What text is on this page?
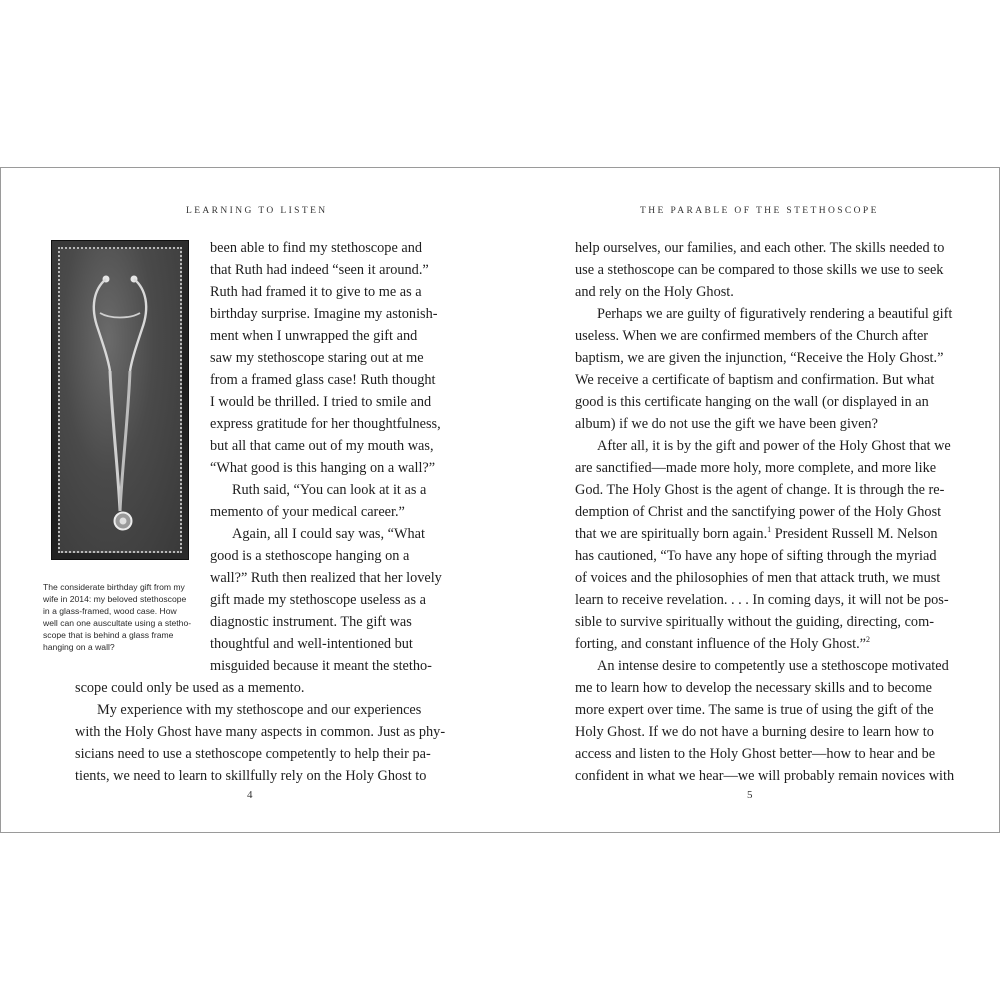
LEARNING TO LISTEN
The considerate birthday gift from my
wife in 2014: my beloved stethoscope
in a glass-framed, wood case. How
well can one auscultate using a stetho-
scope that is behind a glass frame
hanging on a wall?
been able to find my stethoscope and
that Ruth had indeed “seen it around.”
Ruth had framed it to give to me as a
birthday surprise. Imagine my astonish-
ment when I unwrapped the gift and
saw my stethoscope staring out at me
from a framed glass case! Ruth thought
I would be thrilled. I tried to smile and
express gratitude for her thoughtfulness,
but all that came out of my mouth was,
“What good is this hanging on a wall?”
Ruth said, “You can look at it as a
memento of your medical career.”
Again, all I could say was, “What
good is a stethoscope hanging on a
wall?” Ruth then realized that her lovely
gift made my stethoscope useless as a
diagnostic instrument. The gift was
thoughtful and well-intentioned but
misguided because it meant the stetho-
scope could only be used as a memento.
My experience with my stethoscope and our experiences
with the Holy Ghost have many aspects in common. Just as phy-
sicians need to use a stethoscope competently to help their pa-
tients, we need to learn to skillfully rely on the Holy Ghost to
4
THE PARABLE OF THE STETHOSCOPE
help ourselves, our families, and each other. The skills needed to
use a stethoscope can be compared to those skills we use to seek
and rely on the Holy Ghost.
Perhaps we are guilty of figuratively rendering a beautiful gift
useless. When we are confirmed members of the Church after
baptism, we are given the injunction, “Receive the Holy Ghost.”
We receive a certificate of baptism and confirmation. But what
good is this certificate hanging on the wall (or displayed in an
album) if we do not use the gift we have been given?
After all, it is by the gift and power of the Holy Ghost that we
are sanctified—made more holy, more complete, and more like
God. The Holy Ghost is the agent of change. It is through the re-
demption of Christ and the sanctifying power of the Holy Ghost
that we are spiritually born again.$^1$ President Russell M. Nelson
has cautioned, “To have any hope of sifting through the myriad
of voices and the philosophies of men that attack truth, we must
learn to receive revelation. . . . In coming days, it will not be pos-
sible to survive spiritually without the guiding, directing, com-
forting, and constant influence of the Holy Ghost.”$^2$
An intense desire to competently use a stethoscope motivated
me to learn how to develop the necessary skills and to become
more expert over time. The same is true of using the gift of the
Holy Ghost. If we do not have a burning desire to learn how to
access and listen to the Holy Ghost better—how to hear and be
confident in what we hear—we will probably remain novices with
5
